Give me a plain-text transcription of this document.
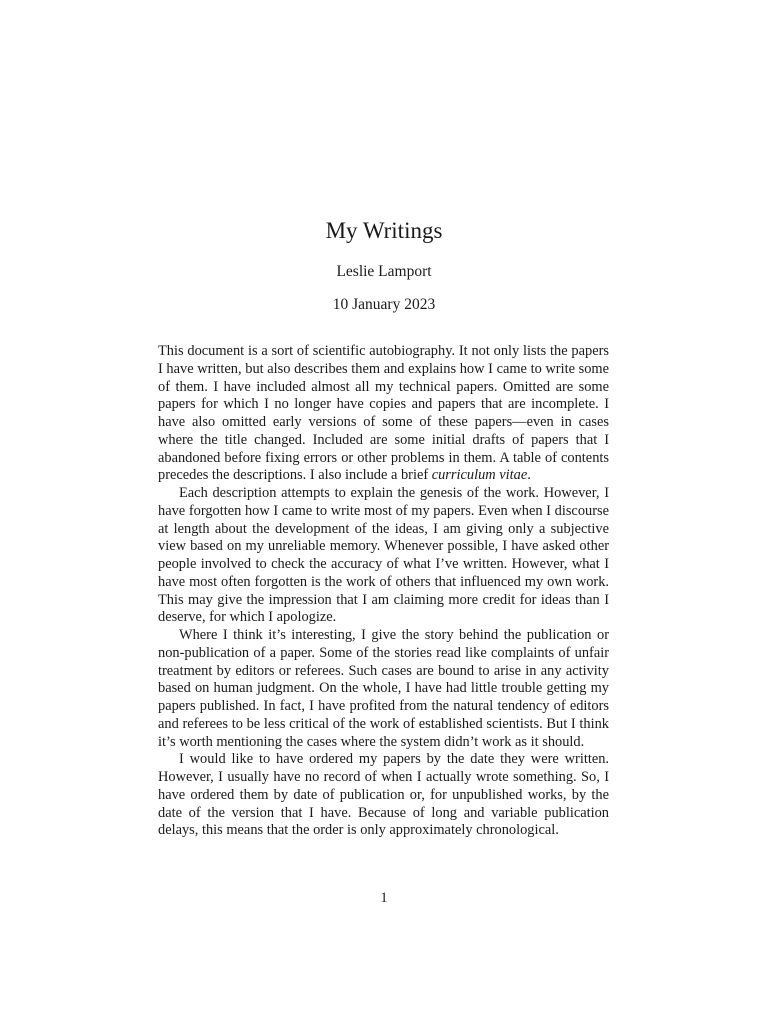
My Writings
Leslie Lamport
10 January 2023

This document is a sort of scientific autobiography. It not only lists the papers I have written, but also describes them and explains how I came to write some of them. I have included almost all my technical papers. Omitted are some papers for which I no longer have copies and papers that are incomplete. I have also omitted early versions of some of these papers—even in cases where the title changed. Included are some initial drafts of papers that I abandoned before fixing errors or other problems in them. A table of contents precedes the descriptions. I also include a brief curriculum vitae.

Each description attempts to explain the genesis of the work. However, I have forgotten how I came to write most of my papers. Even when I discourse at length about the development of the ideas, I am giving only a subjective view based on my unreliable memory. Whenever possible, I have asked other people involved to check the accuracy of what I’ve written. However, what I have most often forgotten is the work of others that influenced my own work. This may give the impression that I am claiming more credit for ideas than I deserve, for which I apologize.

Where I think it’s interesting, I give the story behind the publication or non-publication of a paper. Some of the stories read like complaints of unfair treatment by editors or referees. Such cases are bound to arise in any activity based on human judgment. On the whole, I have had little trouble getting my papers published. In fact, I have profited from the natural tendency of editors and referees to be less critical of the work of established scientists. But I think it’s worth mentioning the cases where the system didn’t work as it should.

I would like to have ordered my papers by the date they were written. However, I usually have no record of when I actually wrote something. So, I have ordered them by date of publication or, for unpublished works, by the date of the version that I have. Because of long and variable publication delays, this means that the order is only approximately chronological.

1
